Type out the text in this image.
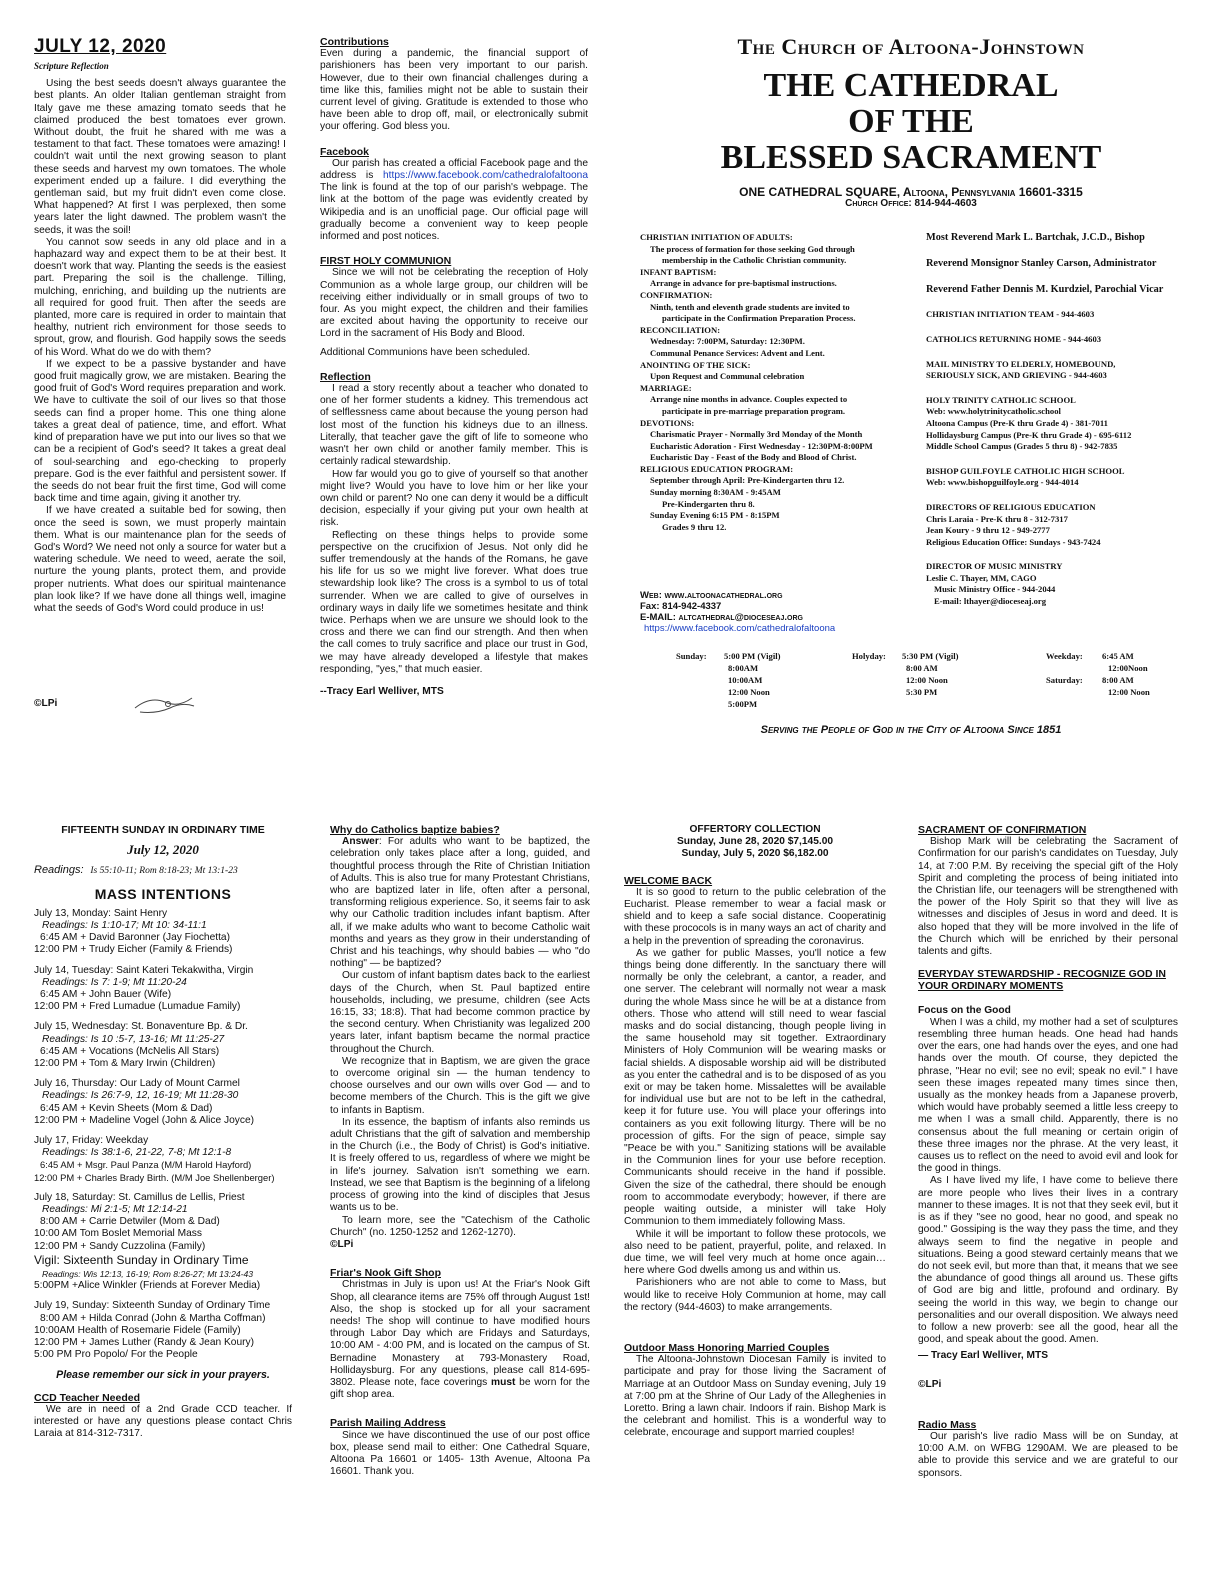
JULY 12, 2020
Scripture Reflection

Using the best seeds doesn't always guarantee the best plants. An older Italian gentleman straight from Italy gave me these amazing tomato seeds that he claimed produced the best tomatoes ever grown. Without doubt, the fruit he shared with me was a testament to that fact. These tomatoes were amazing! I couldn't wait until the next growing season to plant these seeds and harvest my own tomatoes. The whole experiment ended up a failure. I did everything the gentleman said, but my fruit didn't even come close. What happened? At first I was perplexed, then some years later the light dawned. The problem wasn't the seeds, it was the soil!

You cannot sow seeds in any old place and in a haphazard way and expect them to be at their best. It doesn't work that way. Planting the seeds is the easiest part. Preparing the soil is the challenge. Tilling, mulching, enriching, and building up the nutrients are all required for good fruit. Then after the seeds are planted, more care is required in order to maintain that healthy, nutrient rich environment for those seeds to sprout, grow, and flourish. God happily sows the seeds of his Word. What do we do with them?

If we expect to be a passive bystander and have good fruit magically grow, we are mistaken. Bearing the good fruit of God's Word requires preparation and work. We have to cultivate the soil of our lives so that those seeds can find a proper home. This one thing alone takes a great deal of patience, time, and effort. What kind of preparation have we put into our lives so that we can be a recipient of God's seed? It takes a great deal of soul-searching and ego-checking to properly prepare. God is the ever faithful and persistent sower. If the seeds do not bear fruit the first time, God will come back time and time again, giving it another try.

If we have created a suitable bed for sowing, then once the seed is sown, we must properly maintain them. What is our maintenance plan for the seeds of God's Word? We need not only a source for water but a watering schedule. We need to weed, aerate the soil, nurture the young plants, protect them, and provide proper nutrients. What does our spiritual maintenance plan look like? If we have done all things well, imagine what the seeds of God's Word could produce in us!

©LPi
Contributions

Even during a pandemic, the financial support of parishioners has been very important to our parish. However, due to their own financial challenges during a time like this, families might not be able to sustain their current level of giving. Gratitude is extended to those who have been able to drop off, mail, or electronically submit your offering. God bless you.

Facebook

Our parish has created a official Facebook page and the address is https://www.facebook.com/cathedralofaltoona The link is found at the top of our parish's webpage. The link at the bottom of the page was evidently created by Wikipedia and is an unofficial page. Our official page will gradually become a convenient way to keep people informed and post notices.

FIRST HOLY COMMUNION

Since we will not be celebrating the reception of Holy Communion as a whole large group, our children will be receiving either individually or in small groups of two to four. As you might expect, the children and their families are excited about having the opportunity to receive our Lord in the sacrament of His Body and Blood.

Additional Communions have been scheduled.

Reflection

I read a story recently about a teacher who donated to one of her former students a kidney. This tremendous act of selflessness came about because the young person had lost most of the function his kidneys due to an illness. Literally, that teacher gave the gift of life to someone who wasn't her own child or another family member. This is certainly radical stewardship.

How far would you go to give of yourself so that another might live? Would you have to love him or her like your own child or parent? No one can deny it would be a difficult decision, especially if your giving put your own health at risk.

Reflecting on these things helps to provide some perspective on the crucifixion of Jesus. Not only did he suffer tremendously at the hands of the Romans, he gave his life for us so we might live forever. What does true stewardship look like? The cross is a symbol to us of total surrender. When we are called to give of ourselves in ordinary ways in daily life we sometimes hesitate and think twice. Perhaps when we are unsure we should look to the cross and there we can find our strength. And then when the call comes to truly sacrifice and place our trust in God, we may have already developed a lifestyle that makes responding, "yes," that much easier.

--Tracy Earl Welliver, MTS
The Church of Altoona-Johnstown
THE CATHEDRAL
OF THE
BLESSED SACRAMENT
ONE CATHEDRAL SQUARE, Altoona, Pennsylvania 16601-3315
Church Office: 814-944-4603
CHRISTIAN INITIATION OF ADULTS:
The process of formation for those seeking God through
membership in the Catholic Christian community.
INFANT BAPTISM:
Arrange in advance for pre-baptismal instructions.
CONFIRMATION:
Ninth, tenth and eleventh grade students are invited to
participate in the Confirmation Preparation Process.
RECONCILIATION:
Wednesday: 7:00PM, Saturday: 12:30PM.
Communal Penance Services: Advent and Lent.
ANOINTING OF THE SICK:
Upon Request and Communal celebration
MARRIAGE:
Arrange nine months in advance. Couples expected to
participate in pre-marriage preparation program.
DEVOTIONS:
Charismatic Prayer - Normally 3rd Monday of the Month
Eucharistic Adoration - First Wednesday - 12:30PM-8:00PM
Eucharistic Day - Feast of the Body and Blood of Christ.
RELIGIOUS EDUCATION PROGRAM:
September through April: Pre-Kindergarten thru 12.
Sunday morning 8:30AM - 9:45AM
Pre-Kindergarten thru 8.
Sunday Evening 6:15 PM - 8:15PM
Grades 9 thru 12.
Web: www.altoonacathedral.org
Fax: 814-942-4337
E-MAIL: altcathedral@dioceseaj.org
https://www.facebook.com/cathedralofaltoona
Most Reverend Mark L. Bartchak, J.C.D., Bishop
Reverend Monsignor Stanley Carson, Administrator
Reverend Father Dennis M. Kurdziel, Parochial Vicar
CHRISTIAN INITIATION TEAM - 944-4603
CATHOLICS RETURNING HOME - 944-4603
MAIL MINISTRY TO ELDERLY, HOMEBOUND,
SERIOUSLY SICK, AND GRIEVING - 944-4603
HOLY TRINITY CATHOLIC SCHOOL
Web: www.holytrinitycatholic.school
Altoona Campus (Pre-K thru Grade 4) - 381-7011
Hollidaysburg Campus (Pre-K thru Grade 4) - 695-6112
Middle School Campus (Grades 5 thru 8) - 942-7835
BISHOP GUILFOYLE CATHOLIC HIGH SCHOOL
Web: www.bishopguilfoyle.org - 944-4014
DIRECTORS OF RELIGIOUS EDUCATION
Chris Laraia - Pre-K thru 8 - 312-7317
Jean Koury - 9 thru 12 - 949-2777
Religious Education Office: Sundays - 943-7424
DIRECTOR OF MUSIC MINISTRY
Leslie C. Thayer, MM, CAGO
Music Ministry Office - 944-2044
E-mail: lthayer@dioceseaj.org
Sunday:	5:00 PM (Vigil)
8:00AM
10:00AM
12:00 Noon
5:00PM
Holyday:	5:30 PM (Vigil)
8:00 AM
12:00 Noon
5:30 PM
Weekday:	6:45 AM
12:00Noon
Saturday:	8:00 AM
12:00 Noon
Serving the People of God in the City of Altoona Since 1851
FIFTEENTH SUNDAY IN ORDINARY TIME
July 12, 2020
Readings: Is 55:10-11; Rom 8:18-23; Mt 13:1-23
MASS INTENTIONS
July 13, Monday: Saint Henry
Readings: Is 1:10-17; Mt 10: 34-11:1
6:45 AM + David Baronner (Jay Fiochetta)
12:00 PM + Trudy Eicher (Family & Friends)
July 14, Tuesday: Saint Kateri Tekakwitha, Virgin
Readings: Is 7: 1-9; Mt 11:20-24
6:45 AM + John Bauer (Wife)
12:00 PM + Fred Lumadue (Lumadue Family)
July 15, Wednesday: St. Bonaventure Bp. & Dr.
Readings: Is 10 :5-7, 13-16; Mt 11:25-27
6:45 AM + Vocations (McNelis All Stars)
12:00 PM + Tom & Mary Irwin (Children)
July 16, Thursday: Our Lady of Mount Carmel
Readings: Is 26:7-9, 12, 16-19; Mt 11:28-30
6:45 AM + Kevin Sheets (Mom & Dad)
12:00 PM + Madeline Vogel (John & Alice Joyce)
July 17, Friday: Weekday
Readings: Is 38:1-6, 21-22, 7-8; Mt 12:1-8
6:45 AM + Msgr. Paul Panza (M/M Harold Hayford)
12:00 PM + Charles Brady Birth. (M/M Joe Shellenberger)
July 18, Saturday: St. Camillus de Lellis, Priest
Readings: Mi 2:1-5; Mt 12:14-21
8:00 AM + Carrie Detwiler (Mom & Dad)
10:00 AM Tom Boslet Memorial Mass
12:00 PM + Sandy Cuzzolina (Family)
Vigil: Sixteenth Sunday in Ordinary Time
Readings: Wis 12:13, 16-19; Rom 8:26-27; Mt 13:24-43
5:00PM +Alice Winkler (Friends at Forever Media)
July 19, Sunday: Sixteenth Sunday of Ordinary Time
8:00 AM + Hilda Conrad (John & Martha Coffman)
10:00AM Health of Rosemarie Fidele (Family)
12:00 PM + James Luther (Randy & Jean Koury)
5:00 PM Pro Popolo/ For the People
Please remember our sick in your prayers.
CCD Teacher Needed

We are in need of a 2nd Grade CCD teacher. If interested or have any questions please contact Chris Laraia at 814-312-7317.

Why do Catholics baptize babies?

Answer: For adults who want to be baptized, the celebration only takes place after a long, guided, and thoughtful process through the Rite of Christian Initiation of Adults. This is also true for many Protestant Christians, who are baptized later in life, often after a personal, transforming religious experience. So, it seems fair to ask why our Catholic tradition includes infant baptism. After all, if we make adults who want to become Catholic wait months and years as they grow in their understanding of Christ and his teachings, why should babies — who "do nothing" — be baptized?

Our custom of infant baptism dates back to the earliest days of the Church, when St. Paul baptized entire households, including, we presume, children (see Acts 16:15, 33; 18:8). That had become common practice by the second century. When Christianity was legalized 200 years later, infant baptism became the normal practice throughout the Church.

We recognize that in Baptism, we are given the grace to overcome original sin — the human tendency to choose ourselves and our own wills over God — and to become members of the Church. This is the gift we give to infants in Baptism.

In its essence, the baptism of infants also reminds us adult Christians that the gift of salvation and membership in the Church (i.e., the Body of Christ) is God's initiative. It is freely offered to us, regardless of where we might be in life's journey. Salvation isn't something we earn. Instead, we see that Baptism is the beginning of a lifelong process of growing into the kind of disciples that Jesus wants us to be.

To learn more, see the "Catechism of the Catholic Church" (no. 1250-1252 and 1262-1270).

©LPi
Friar's Nook Gift Shop

Christmas in July is upon us! At the Friar's Nook Gift Shop, all clearance items are 75% off through August 1st! Also, the shop is stocked up for all your sacrament needs! The shop will continue to have modified hours through Labor Day which are Fridays and Saturdays, 10:00 AM - 4:00 PM, and is located on the campus of St. Bernadine Monastery at 793-Monastery Road, Hollidaysburg. For any questions, please call 814-695-3802. Please note, face coverings must be worn for the gift shop area.

Parish Mailing Address

Since we have discontinued the use of our post office box, please send mail to either: One Cathedral Square, Altoona Pa 16601 or 1405- 13th Avenue, Altoona Pa 16601. Thank you.

OFFERTORY COLLECTION
Sunday, June 28, 2020 $7,145.00
Sunday, July 5, 2020 $6,182.00
WELCOME BACK

It is so good to return to the public celebration of the Eucharist. Please remember to wear a facial mask or shield and to keep a safe social distance. Cooperatinig with these prococols is in many ways an act of charity and a help in the prevention of spreading the coronavirus.

As we gather for public Masses, you'll notice a few things being done differently. In the sanctuary there will normally be only the celebrant, a cantor, a reader, and one server. The celebrant will normally not wear a mask during the whole Mass since he will be at a distance from others. Those who attend will still need to wear fascial masks and do social distancing, though people living in the same household may sit together. Extraordinary Ministers of Holy Communion will be wearing masks or facial shields. A disposable worship aid will be distributed as you enter the cathedral and is to be disposed of as you exit or may be taken home. Missalettes will be available for individual use but are not to be left in the cathedral, keep it for future use. You will place your offerings into containers as you exit following liturgy. There will be no procession of gifts. For the sign of peace, simple say "Peace be with you." Sanitizing stations will be available in the Communion lines for your use before reception. Communicants should receive in the hand if possible. Given the size of the cathedral, there should be enough room to accommodate everybody; however, if there are people waiting outside, a minister will take Holy Communion to them immediately following Mass.

While it will be important to follow these protocols, we also need to be patient, prayerful, polite, and relaxed. In due time, we will feel very much at home once again…here where God dwells among us and within us.

Parishioners who are not able to come to Mass, but would like to receive Holy Communion at home, may call the rectory (944-4603) to make arrangements.

Outdoor Mass Honoring Married Couples

The Altoona-Johnstown Diocesan Family is invited to participate and pray for those living the Sacrament of Marriage at an Outdoor Mass on Sunday evening, July 19 at 7:00 pm at the Shrine of Our Lady of the Alleghenies in Loretto. Bring a lawn chair. Indoors if rain. Bishop Mark is the celebrant and homilist. This is a wonderful way to celebrate, encourage and support married couples!

SACRAMENT OF CONFIRMATION

Bishop Mark will be celebrating the Sacrament of Confirmation for our parish's candidates on Tuesday, July 14, at 7:00 P.M. By receiving the special gift of the Holy Spirit and completing the process of being initiated into the Christian life, our teenagers will be strengthened with the power of the Holy Spirit so that they will live as witnesses and disciples of Jesus in word and deed. It is also hoped that they will be more involved in the life of the Church which will be enriched by their personal talents and gifts.

EVERYDAY STEWARDSHIP - RECOGNIZE GOD IN YOUR ORDINARY MOMENTS
Focus on the Good

When I was a child, my mother had a set of sculptures resembling three human heads. One head had hands over the ears, one had hands over the eyes, and one had hands over the mouth. Of course, they depicted the phrase, "Hear no evil; see no evil; speak no evil." I have seen these images repeated many times since then, usually as the monkey heads from a Japanese proverb, which would have probably seemed a little less creepy to me when I was a small child. Apparently, there is no consensus about the full meaning or certain origin of these three images nor the phrase. At the very least, it causes us to reflect on the need to avoid evil and look for the good in things.

As I have lived my life, I have come to believe there are more people who lives their lives in a contrary manner to these images. It is not that they seek evil, but it is as if they "see no good, hear no good, and speak no good." Gossiping is the way they pass the time, and they always seem to find the negative in people and situations. Being a good steward certainly means that we do not seek evil, but more than that, it means that we see the abundance of good things all around us. These gifts of God are big and little, profound and ordinary. By seeing the world in this way, we begin to change our personalities and our overall disposition. We always need to follow a new proverb: see all the good, hear all the good, and speak about the good. Amen.

— Tracy Earl Welliver, MTS
©LPi
Radio Mass

Our parish's live radio Mass will be on Sunday, at 10:00 A.M. on WFBG 1290AM. We are pleased to be able to provide this service and we are grateful to our sponsors.
